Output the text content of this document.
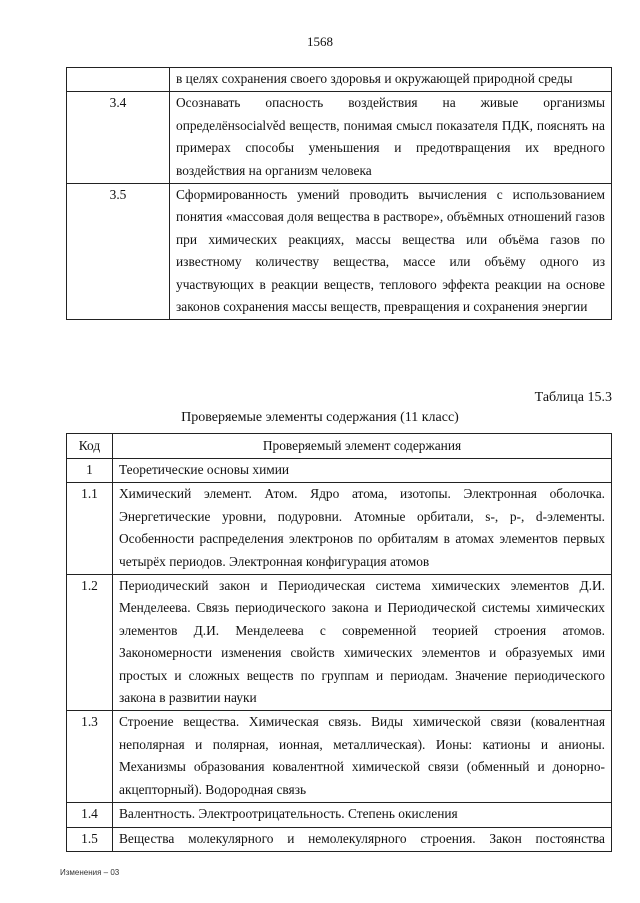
1568
	в целях сохранения своего здоровья и окружающей природной среды
3.4	Осознавать опасность воздействия на живые организмы определёнsocialvěd веществ, понимая смысл показателя ПДК, пояснять на примерах способы уменьшения и предотвращения их вредного воздействия на организм человека
3.5	Сформированность умений проводить вычисления с использованием понятия «массовая доля вещества в растворе», объёмных отношений газов при химических реакциях, массы вещества или объёма газов по известному количеству вещества, массе или объёму одного из участвующих в реакции веществ, теплового эффекта реакции на основе законов сохранения массы веществ, превращения и сохранения энергии
Таблица 15.3
Проверяемые элементы содержания (11 класс)
Код	Проверяемый элемент содержания
1	Теоретические основы химии
1.1	Химический элемент. Атом. Ядро атома, изотопы. Электронная оболочка. Энергетические уровни, подуровни. Атомные орбитали, s-, p-, d-элементы. Особенности распределения электронов по орбиталям в атомах элементов первых четырёх периодов. Электронная конфигурация атомов
1.2	Периодический закон и Периодическая система химических элементов Д.И. Менделеева. Связь периодического закона и Периодической системы химических элементов Д.И. Менделеева с современной теорией строения атомов. Закономерности изменения свойств химических элементов и образуемых ими простых и сложных веществ по группам и периодам. Значение периодического закона в развитии науки
1.3	Строение вещества. Химическая связь. Виды химической связи (ковалентная неполярная и полярная, ионная, металлическая). Ионы: катионы и анионы. Механизмы образования ковалентной химической связи (обменный и донорно-акцепторный). Водородная связь
1.4	Валентность. Электроотрицательность. Степень окисления
1.5	Вещества молекулярного и немолекулярного строения. Закон постоянства
Изменения – 03
